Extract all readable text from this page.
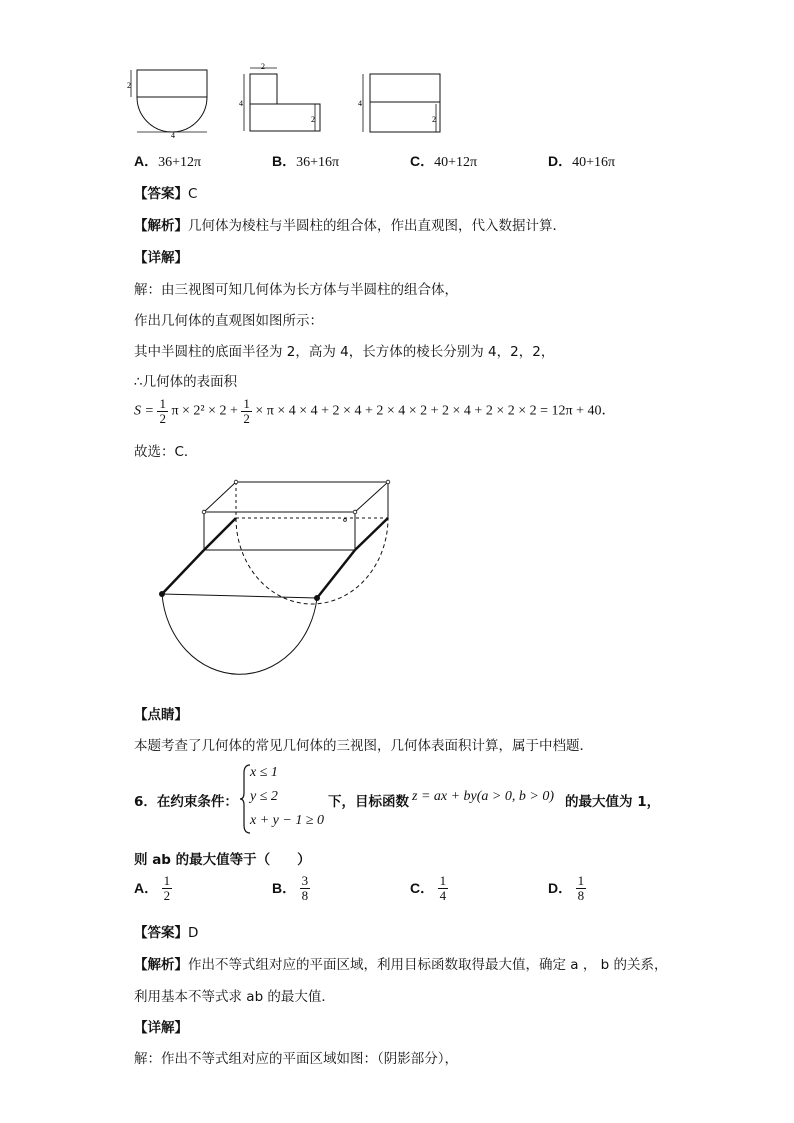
2
4
2
4
2
4
2
A．36+12π	B．36+16π	C．40+12π	D．40+16π
【答案】C
【解析】几何体为棱柱与半圆柱的组合体，作出直观图，代入数据计算．
【详解】
解：由三视图可知几何体为长方体与半圆柱的组合体，
作出几何体的直观图如图所示：
其中半圆柱的底面半径为 2，高为 4，长方体的棱长分别为 4，2，2，
∴几何体的表面积
$S = \frac{1}{2}$ $\pi \times 2^2 \times 2 + \frac{1}{2} \times \pi \times 4 \times 4 + 2 \times 4 + 2 \times 4 \times 2 + 2 \times 4 + 2 \times 2 \times 2 = 12\pi + 40$．
故选：C．
【点睛】
本题考查了几何体的常见几何体的三视图，几何体表面积计算，属于中档题．
6．在约束条件：
x ≤ 1
y ≤ 2
x + y − 1 ≥ 0
下，目标函数 z = ax + by(a > 0, b > 0) 的最大值为 1，
则 ab 的最大值等于（　　）
A． $\frac{1}{2}$	B． $\frac{3}{8}$	C． $\frac{1}{4}$	D． $\frac{1}{8}$
【答案】D
【解析】作出不等式组对应的平面区域，利用目标函数取得最大值，确定 a ， b 的关系，
利用基本不等式求 ab 的最大值．
【详解】
解：作出不等式组对应的平面区域如图：（阴影部分），
